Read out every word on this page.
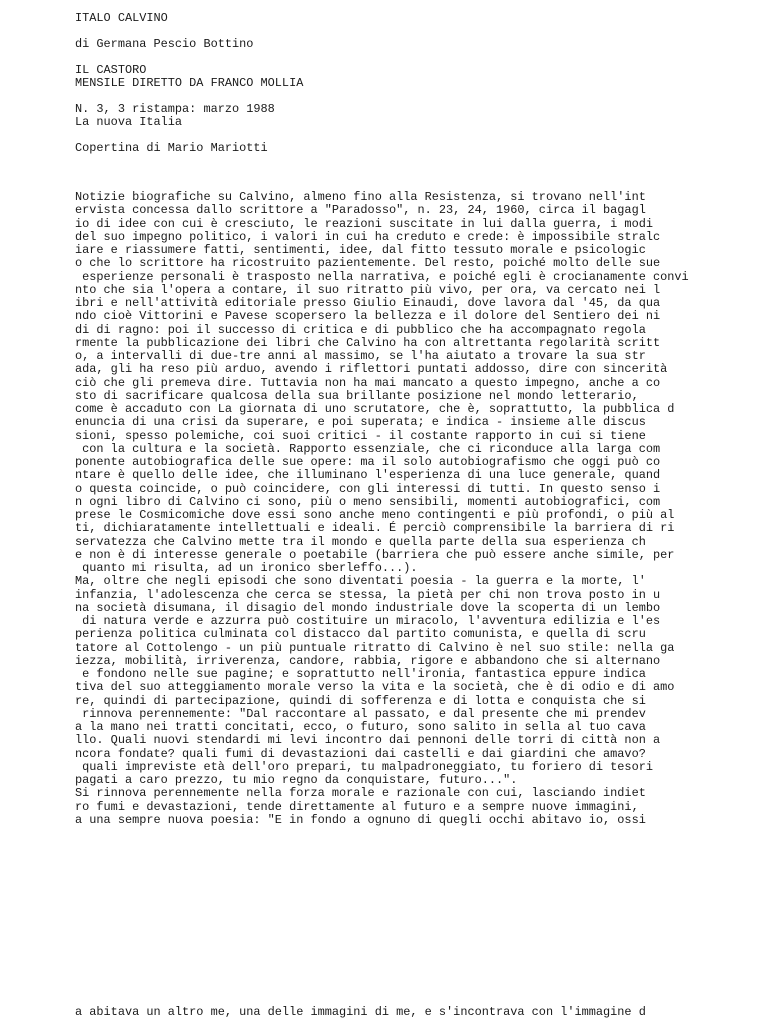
ITALO CALVINO
di Germana Pescio Bottino
IL CASTORO
MENSILE DIRETTO DA FRANCO MOLLIA
N. 3, 3 ristampa: marzo 1988
La nuova Italia
Copertina di Mario Mariotti
Notizie biografiche su Calvino, almeno fino alla Resistenza, si trovano nell'int
ervista concessa dallo scrittore a "Paradosso", n. 23, 24, 1960, circa il bagagl
io di idee con cui è cresciuto, le reazioni suscitate in lui dalla guerra, i modi
del suo impegno politico, i valori in cui ha creduto e crede: è impossibile stralc
iare e riassumere fatti, sentimenti, idee, dal fitto tessuto morale e psicologic
o che lo scrittore ha ricostruito pazientemente. Del resto, poiché molto delle sue
esperienze personali è trasposto nella narrativa, e poiché egli è crocianamente convi
nto che sia l'opera a contare, il suo ritratto più vivo, per ora, va cercato nei l
ibri e nell'attività editoriale presso Giulio Einaudi, dove lavora dal '45, da qua
ndo cioè Vittorini e Pavese scopersero la bellezza e il dolore del Sentiero dei ni
di di ragno: poi il successo di critica e di pubblico che ha accompagnato regola
rmente la pubblicazione dei libri che Calvino ha con altrettanta regolarità scritt
o, a intervalli di due-tre anni al massimo, se l'ha aiutato a trovare la sua str
ada, gli ha reso più arduo, avendo i riflettori puntati addosso, dire con sincerità
ciò che gli premeva dire. Tuttavia non ha mai mancato a questo impegno, anche a co
sto di sacrificare qualcosa della sua brillante posizione nel mondo letterario,
come è accaduto con La giornata di uno scrutatore, che è, soprattutto, la pubblica d
enuncia di una crisi da superare, e poi superata; e indica - insieme alle discus
sioni, spesso polemiche, coi suoi critici - il costante rapporto in cui si tiene
con la cultura e la società. Rapporto essenziale, che ci riconduce alla larga com
ponente autobiografica delle sue opere: ma il solo autobiografismo che oggi può co
ntare è quello delle idee, che illuminano l'esperienza di una luce generale, quand
o questa coincide, o può coincidere, con gli interessi di tutti. In questo senso i
n ogni libro di Calvino ci sono, più o meno sensibili, momenti autobiografici, com
prese le Cosmicomiche dove essi sono anche meno contingenti e più profondi, o più al
ti, dichiaratamente intellettuali e ideali. É perciò comprensibile la barriera di ri
servatezza che Calvino mette tra il mondo e quella parte della sua esperienza ch
e non è di interesse generale o poetabile (barriera che può essere anche simile, per
quanto mi risulta, ad un ironico sberleffo...).
Ma, oltre che negli episodi che sono diventati poesia - la guerra e la morte, l'
infanzia, l'adolescenza che cerca se stessa, la pietà per chi non trova posto in u
na società disumana, il disagio del mondo industriale dove la scoperta di un lembo
di natura verde e azzurra può costituire un miracolo, l'avventura edilizia e l'es
perienza politica culminata col distacco dal partito comunista, e quella di scru
tatore al Cottolengo - un più puntuale ritratto di Calvino è nel suo stile: nella ga
iezza, mobilità, irriverenza, candore, rabbia, rigore e abbandono che si alternano
e fondono nelle sue pagine; e soprattutto nell'ironia, fantastica eppure indica
tiva del suo atteggiamento morale verso la vita e la società, che è di odio e di amo
re, quindi di partecipazione, quindi di sofferenza e di lotta e conquista che si
rinnova perennemente: "Dal raccontare al passato, e dal presente che mi prendev
a la mano nei tratti concitati, ecco, o futuro, sono salito in sella al tuo cava
llo. Quali nuovi stendardi mi levi incontro dai pennoni delle torri di città non a
ncora fondate? quali fumi di devastazioni dai castelli e dai giardini che amavo?
quali impreviste età dell'oro prepari, tu malpadroneggiato, tu foriero di tesori
pagati a caro prezzo, tu mio regno da conquistare, futuro...".
Si rinnova perennemente nella forza morale e razionale con cui, lasciando indiet
ro fumi e devastazioni, tende direttamente al futuro e a sempre nuove immagini,
a una sempre nuova poesia: "E in fondo a ognuno di quegli occhi abitavo io, ossi
a abitava un altro me, una delle immagini di me, e s'incontrava con l'immagine d
